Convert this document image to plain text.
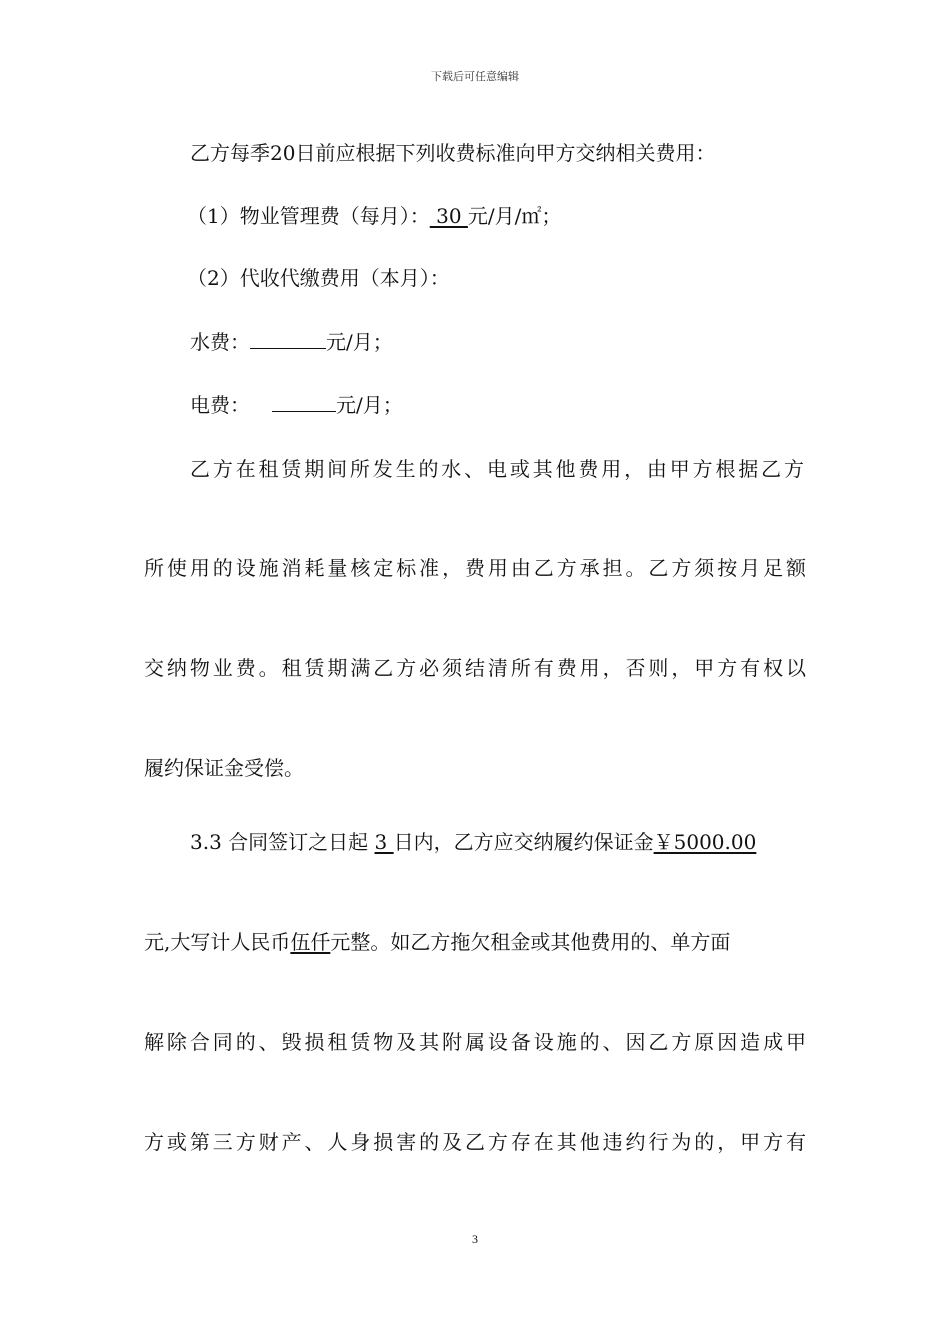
下载后可任意编辑
乙方每季20日前应根据下列收费标准向甲方交纳相关费用：
（1）物业管理费（每月）： 30 元/月/㎡；
（2）代收代缴费用（本月）：
水费：	元/月；
电费：	元/月；
乙方在租赁期间所发生的水、电或其他费用，由甲方根据乙方
所使用的设施消耗量核定标准，费用由乙方承担。乙方须按月足额
交纳物业费。租赁期满乙方必须结清所有费用，否则，甲方有权以
履约保证金受偿。
3.3 合同签订之日起 3 日内，乙方应交纳履约保证金￥5000.00
元,大写计人民币伍仟元整。如乙方拖欠租金或其他费用的、单方面
解除合同的、毁损租赁物及其附属设备设施的、因乙方原因造成甲
方或第三方财产、人身损害的及乙方存在其他违约行为的，甲方有
3
